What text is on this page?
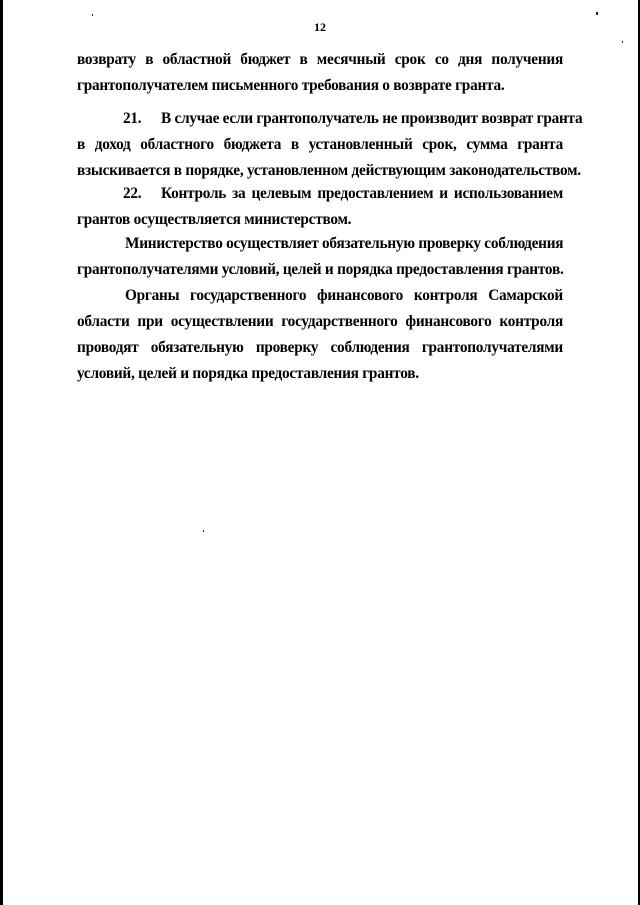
12
возврату в областной бюджет в месячный срок со дня получения
грантополучателем письменного требования о возврате гранта.
21. В случае если грантополучатель не производит возврат гранта
в доход областного бюджета в установленный срок, сумма гранта
взыскивается в порядке, установленном действующим законодательством.
22. Контроль за целевым предоставлением и использованием
грантов осуществляется министерством.
Министерство осуществляет обязательную проверку соблюдения
грантополучателями условий, целей и порядка предоставления грантов.
Органы государственного финансового контроля Самарской
области при осуществлении государственного финансового контроля
проводят обязательную проверку соблюдения грантополучателями
условий, целей и порядка предоставления грантов.
